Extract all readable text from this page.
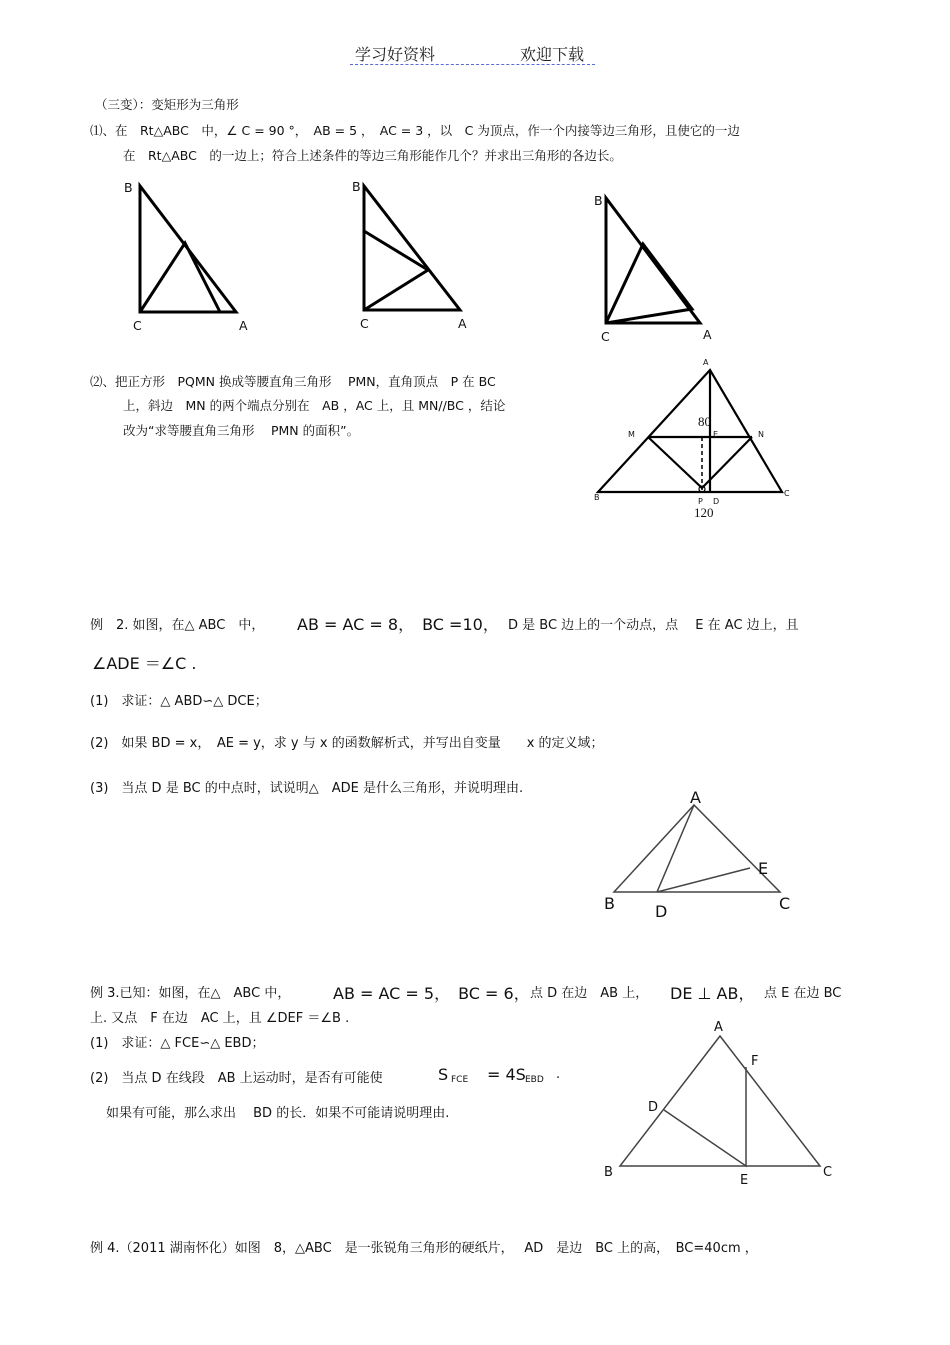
学习好资料	欢迎下载
（三变）：变矩形为三角形
⑴、在　Rt△ABC　中，∠ C = 90 °，　AB = 5 ，　AC = 3 ，以　C 为顶点，作一个内接等边三角形，且使它的一边
在　Rt△ABC　的一边上；符合上述条件的等边三角形能作几个？并求出三角形的各边长。
B
C	A
B
C	A
B
C	A
⑵、把正方形　PQMN 换成等腰直角三角形　 PMN，直角顶点　P 在 BC
上，斜边　MN 的两个端点分别在　AB ，AC 上，且 MN//BC ，结论
改为“求等腰直角三角形　 PMN 的面积”。
A
M	N
E
B	C
P D
80
120
例　2. 如图，在△ ABC　中， AB = AC = 8，　BC =10， D 是 BC 边上的一个动点，点　 E 在 AC 边上，且
∠ADE ＝∠C .
(1)　求证：△ ABD∽△ DCE；
(2)　如果 BD = x，　AE = y，求 y 与 x 的函数解析式，并写出自变量　　x 的定义域；
(3)　当点 D 是 BC 的中点时，试说明△　ADE 是什么三角形，并说明理由.	A
B	C
D
E
例 3.已知：如图，在△　ABC 中，	AB = AC = 5，　BC = 6， 点 D 在边　AB 上， DE ⊥ AB， 点 E 在边 BC
上. 又点　F 在边　AC 上，且 ∠DEF ＝∠B .
(1)　求证：△ FCE∽△ EBD；
(2)　当点 D 在线段　AB 上运动时，是否有可能使	S FCE = 4S EBD .
如果有可能，那么求出　 BD 的长．如果不可能请说明理由.
A
F
D
B
E
C
例 4.（2011 湖南怀化）如图　8，△ABC　是一张锐角三角形的硬纸片，　 AD　是边　BC 上的高，　BC=40cm ，
